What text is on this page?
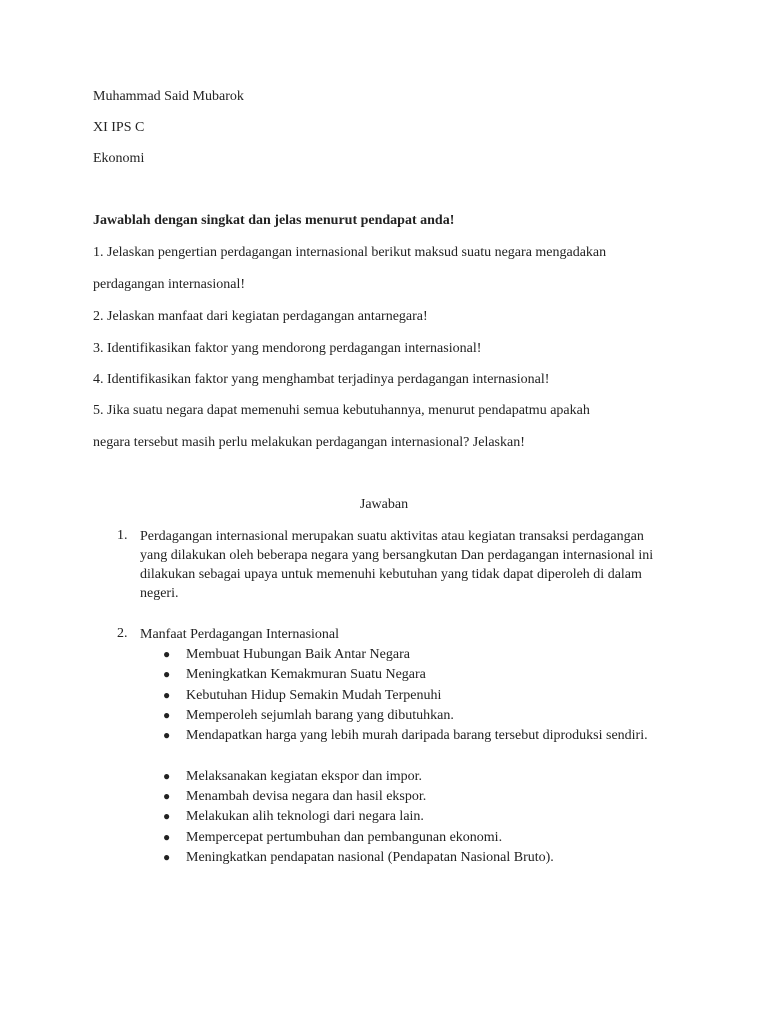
Muhammad Said Mubarok
XI IPS C
Ekonomi
Jawablah dengan singkat dan jelas menurut pendapat anda!
1. Jelaskan pengertian perdagangan internasional berikut maksud suatu negara mengadakan
perdagangan internasional!
2. Jelaskan manfaat dari kegiatan perdagangan antarnegara!
3. Identifikasikan faktor yang mendorong perdagangan internasional!
4. Identifikasikan faktor yang menghambat terjadinya perdagangan internasional!
5. Jika suatu negara dapat memenuhi semua kebutuhannya, menurut pendapatmu apakah
negara tersebut masih perlu melakukan perdagangan internasional? Jelaskan!
Jawaban
1. Perdagangan internasional merupakan suatu aktivitas atau kegiatan transaksi perdagangan yang dilakukan oleh beberapa negara yang bersangkutan Dan perdagangan internasional ini dilakukan sebagai upaya untuk memenuhi kebutuhan yang tidak dapat diperoleh di dalam negeri.
2. Manfaat Perdagangan Internasional
● Membuat Hubungan Baik Antar Negara
● Meningkatkan Kemakmuran Suatu Negara
● Kebutuhan Hidup Semakin Mudah Terpenuhi
● Memperoleh sejumlah barang yang dibutuhkan.
● Mendapatkan harga yang lebih murah daripada barang tersebut diproduksi sendiri.
● Melaksanakan kegiatan ekspor dan impor.
● Menambah devisa negara dan hasil ekspor.
● Melakukan alih teknologi dari negara lain.
● Mempercepat pertumbuhan dan pembangunan ekonomi.
● Meningkatkan pendapatan nasional (Pendapatan Nasional Bruto).
